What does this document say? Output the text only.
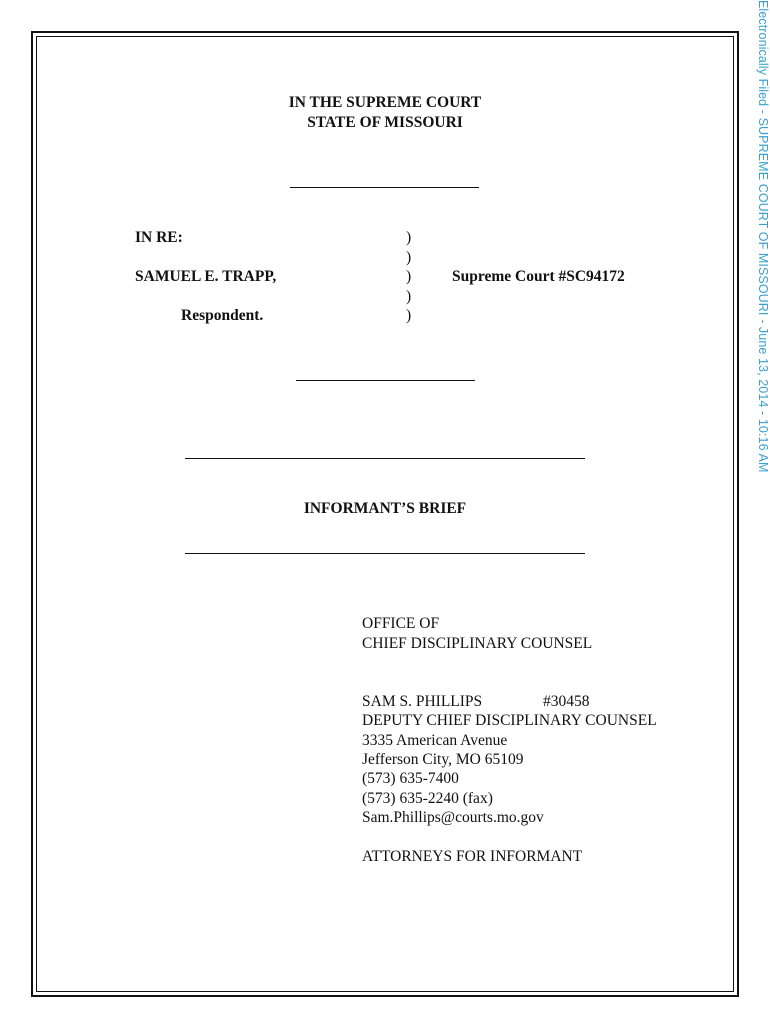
Electronically Filed - SUPREME COURT OF MISSOURI - June 13, 2014 - 10:16 AM
IN THE SUPREME COURT
STATE OF MISSOURI
IN RE:
SAMUEL E. TRAPP,
Respondent.
)
)
)
)
)
Supreme Court #SC94172
INFORMANT’S BRIEF
OFFICE OF
CHIEF DISCIPLINARY COUNSEL
SAM S. PHILLIPS	#30458
DEPUTY CHIEF DISCIPLINARY COUNSEL
3335 American Avenue
Jefferson City, MO 65109
(573) 635-7400
(573) 635-2240 (fax)
Sam.Phillips@courts.mo.gov
ATTORNEYS FOR INFORMANT
